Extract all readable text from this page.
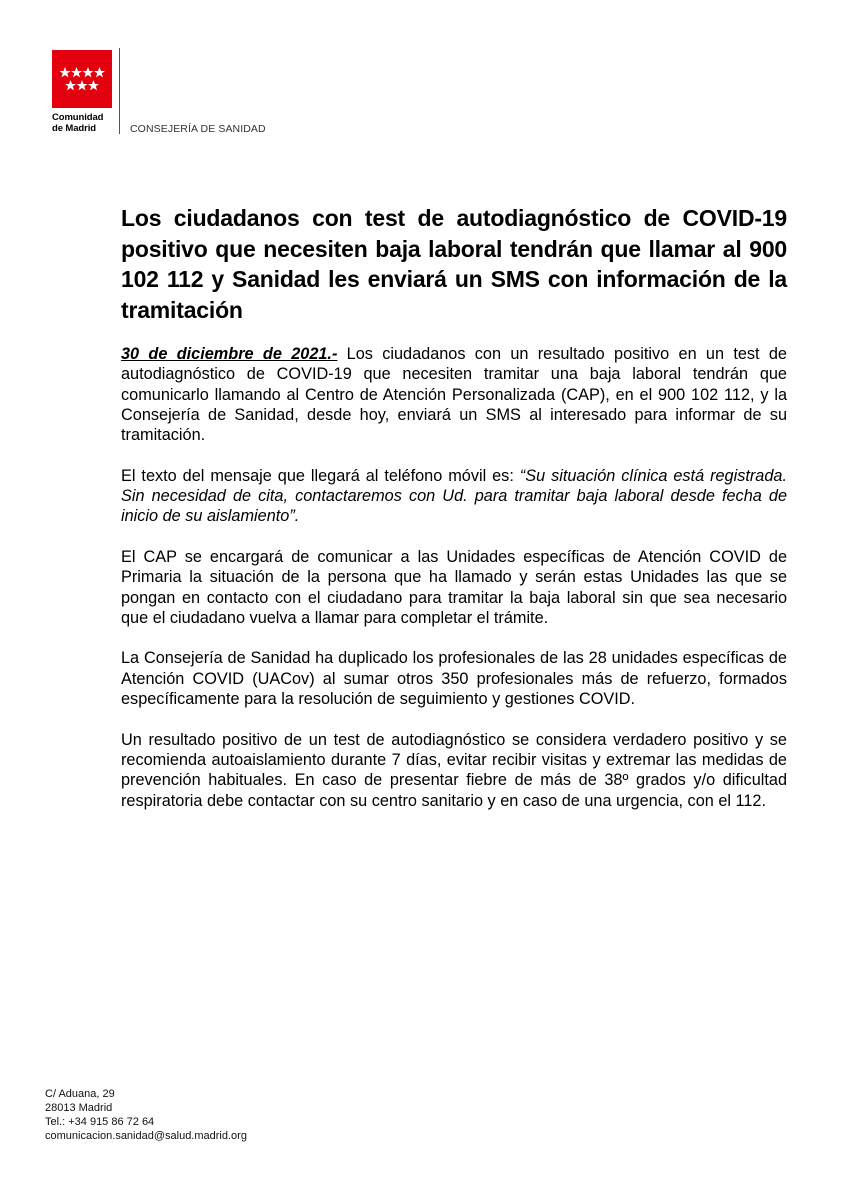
Comunidad
de Madrid	CONSEJERÍA DE SANIDAD
Los ciudadanos con test de autodiagnóstico de COVID-19 positivo que necesiten baja laboral tendrán que llamar al 900 102 112 y Sanidad les enviará un SMS con información de la tramitación

30 de diciembre de 2021.- Los ciudadanos con un resultado positivo en un test de autodiagnóstico de COVID-19 que necesiten tramitar una baja laboral tendrán que comunicarlo llamando al Centro de Atención Personalizada (CAP), en el 900 102 112, y la Consejería de Sanidad, desde hoy, enviará un SMS al interesado para informar de su tramitación.

El texto del mensaje que llegará al teléfono móvil es: “Su situación clínica está registrada. Sin necesidad de cita, contactaremos con Ud. para tramitar baja laboral desde fecha de inicio de su aislamiento”.

El CAP se encargará de comunicar a las Unidades específicas de Atención COVID de Primaria la situación de la persona que ha llamado y serán estas Unidades las que se pongan en contacto con el ciudadano para tramitar la baja laboral sin que sea necesario que el ciudadano vuelva a llamar para completar el trámite.

La Consejería de Sanidad ha duplicado los profesionales de las 28 unidades específicas de Atención COVID (UACov) al sumar otros 350 profesionales más de refuerzo, formados específicamente para la resolución de seguimiento y gestiones COVID.

Un resultado positivo de un test de autodiagnóstico se considera verdadero positivo y se recomienda autoaislamiento durante 7 días, evitar recibir visitas y extremar las medidas de prevención habituales. En caso de presentar fiebre de más de 38º grados y/o dificultad respiratoria debe contactar con su centro sanitario y en caso de una urgencia, con el 112.

C/ Aduana, 29
28013 Madrid
Tel.: +34 915 86 72 64
comunicacion.sanidad@salud.madrid.org
